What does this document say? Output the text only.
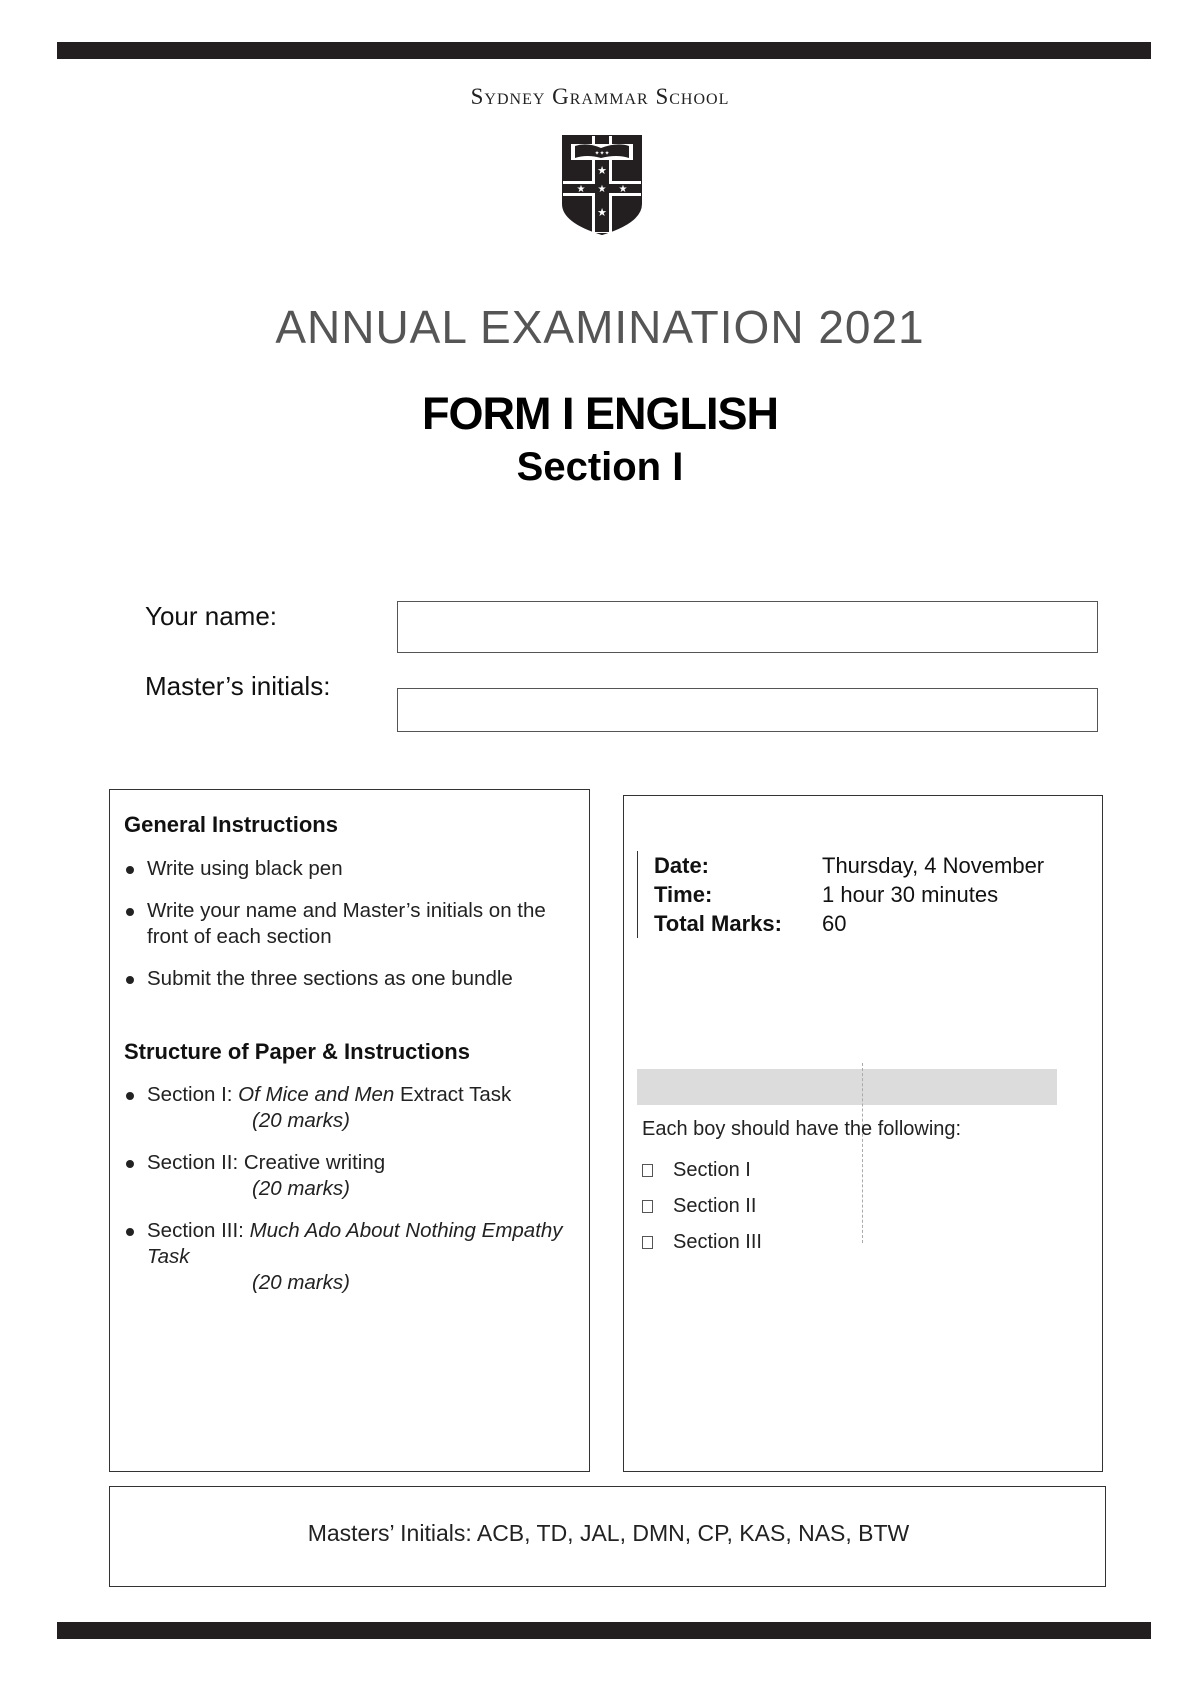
Sydney Grammar School
✦✦✦
★
★ ★ ★
★
ANNUAL EXAMINATION 2021
FORM I ENGLISH
Section I
Your name:
Master’s initials:
General Instructions
Write using black pen
Write your name and Master’s initials on the front of each section
Submit the three sections as one bundle
Structure of Paper & Instructions
Section I: Of Mice and Men Extract Task
(20 marks)
Section II: Creative writing
(20 marks)
Section III: Much Ado About Nothing Empathy Task
(20 marks)
Date:	Thursday, 4 November
Time:	1 hour 30 minutes
Total Marks:	60
Each boy should have the following:
Section I
Section II
Section III
Masters’ Initials: ACB, TD, JAL, DMN, CP, KAS, NAS, BTW
